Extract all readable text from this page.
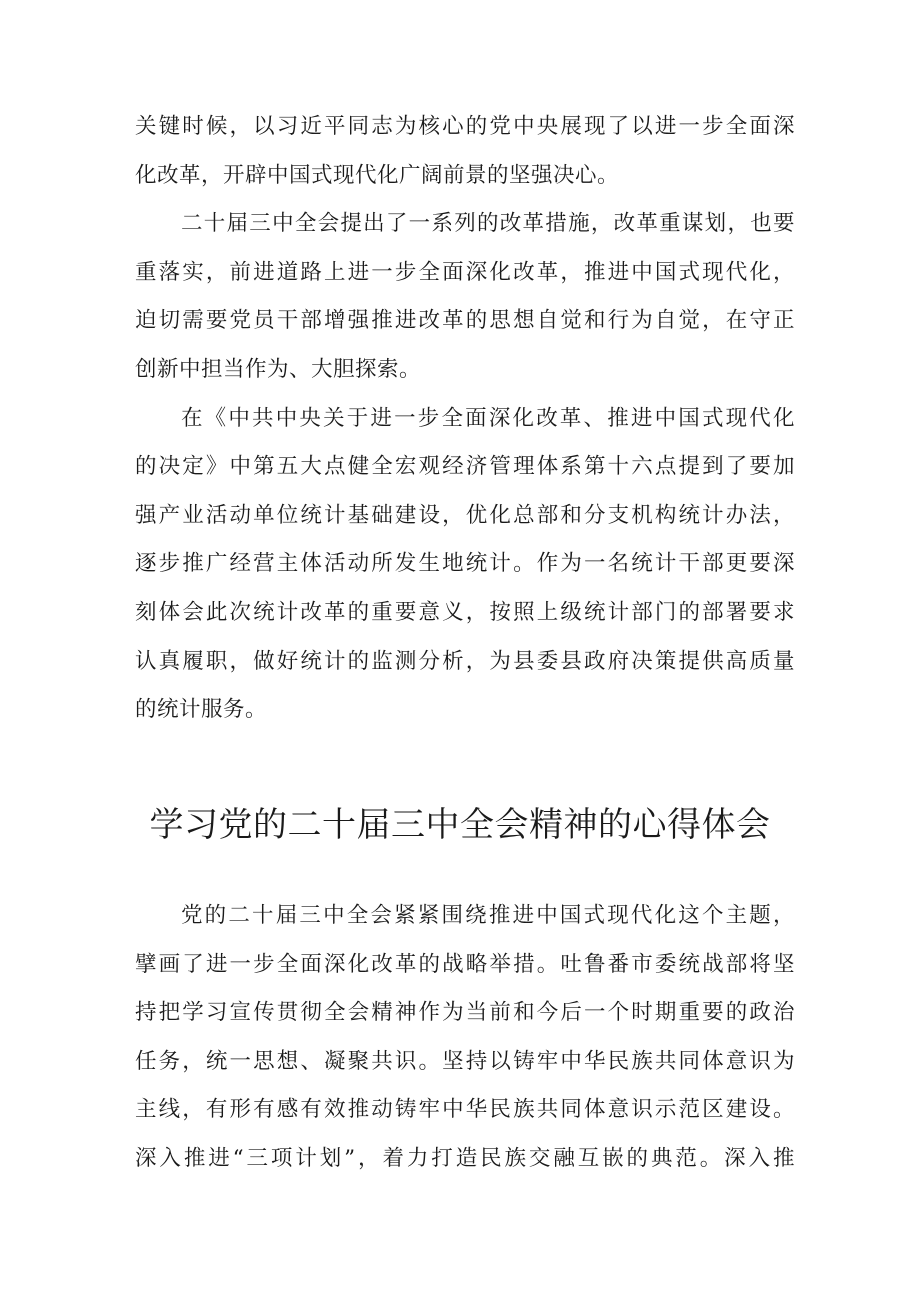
关键时候，以习近平同志为核心的党中央展现了以进一步全面深
化改革，开辟中国式现代化广阔前景的坚强决心。
二十届三中全会提出了一系列的改革措施，改革重谋划，也要
重落实，前进道路上进一步全面深化改革，推进中国式现代化，
迫切需要党员干部增强推进改革的思想自觉和行为自觉，在守正
创新中担当作为、大胆探索。
在《中共中央关于进一步全面深化改革、推进中国式现代化
的决定》中第五大点健全宏观经济管理体系第十六点提到了要加
强产业活动单位统计基础建设，优化总部和分支机构统计办法，
逐步推广经营主体活动所发生地统计。作为一名统计干部更要深
刻体会此次统计改革的重要意义，按照上级统计部门的部署要求
认真履职，做好统计的监测分析，为县委县政府决策提供高质量
的统计服务。
学习党的二十届三中全会精神的心得体会
党的二十届三中全会紧紧围绕推进中国式现代化这个主题，
擘画了进一步全面深化改革的战略举措。吐鲁番市委统战部将坚
持把学习宣传贯彻全会精神作为当前和今后一个时期重要的政治
任务，统一思想、凝聚共识。坚持以铸牢中华民族共同体意识为
主线，有形有感有效推动铸牢中华民族共同体意识示范区建设。
深入推进“三项计划”，着力打造民族交融互嵌的典范。深入推
